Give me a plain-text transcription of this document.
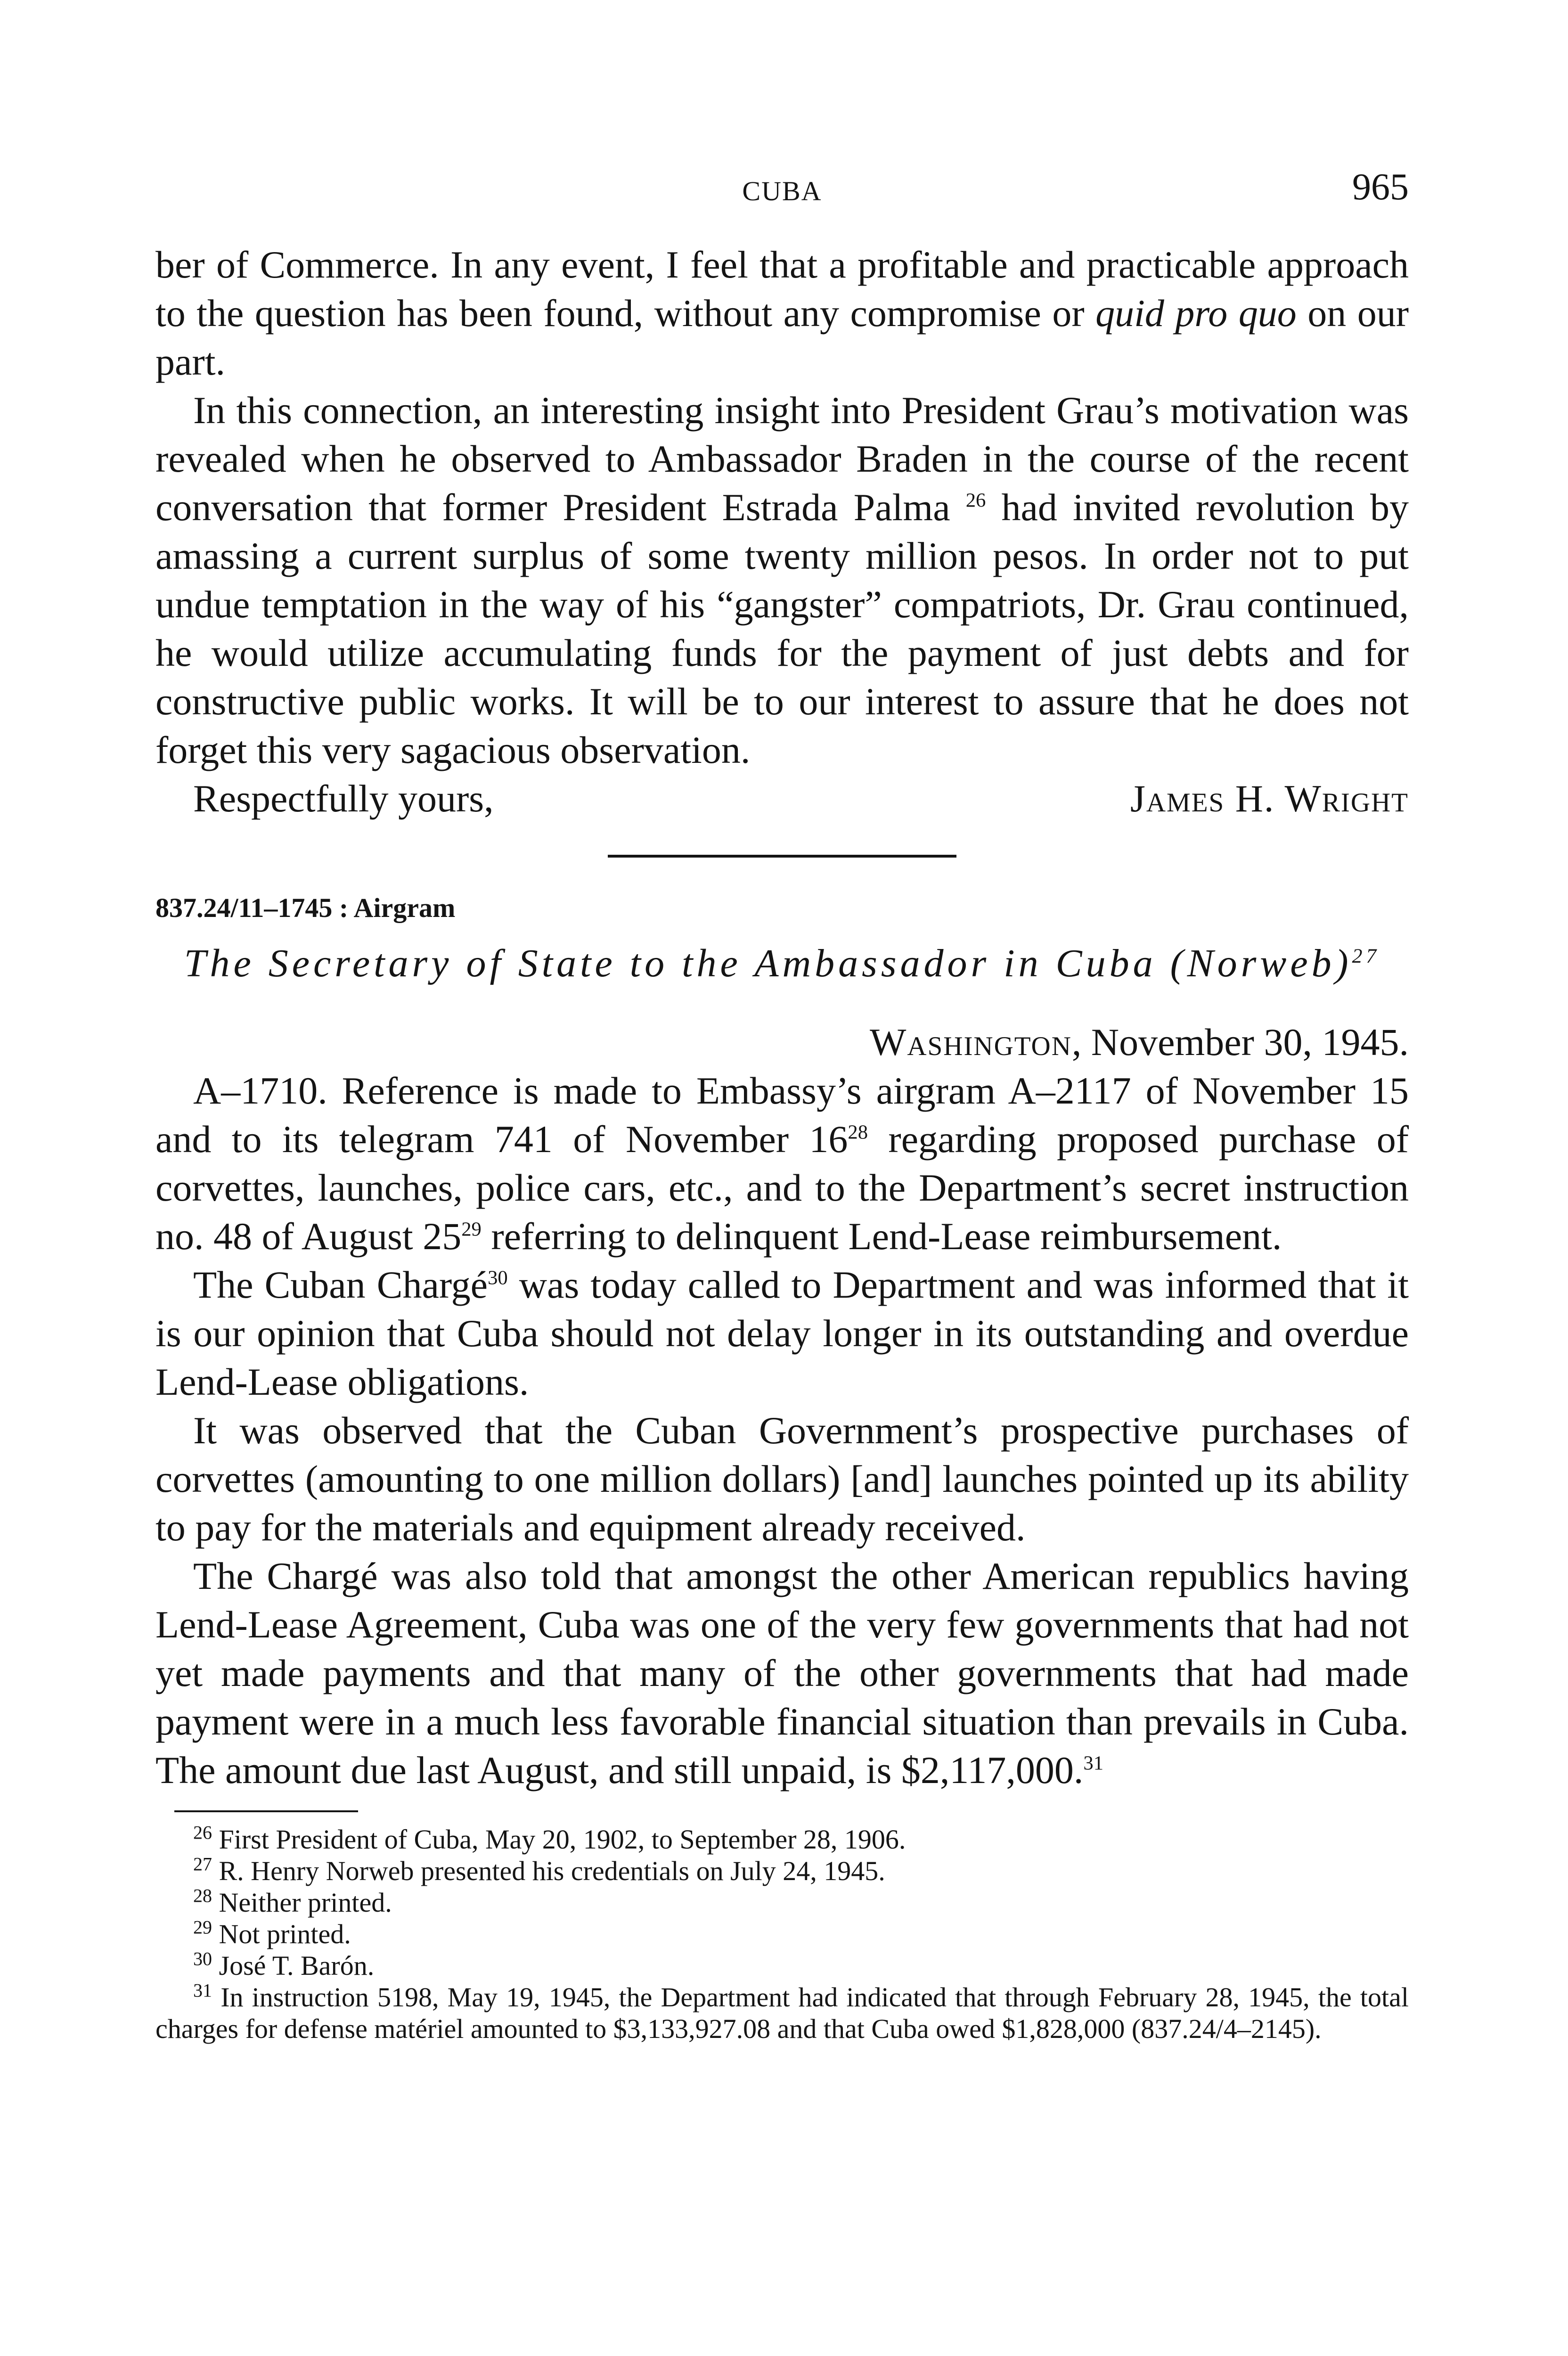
CUBA	965

ber of Commerce. In any event, I feel that a profitable and practicable approach to the question has been found, without any compromise or quid pro quo on our part.

In this connection, an interesting insight into President Grau’s motivation was revealed when he observed to Ambassador Braden in the course of the recent conversation that former President Estrada Palma $^{26}$ had invited revolution by amassing a current surplus of some twenty million pesos. In order not to put undue temptation in the way of his “gangster” compatriots, Dr. Grau continued, he would utilize accumulating funds for the payment of just debts and for constructive public works. It will be to our interest to assure that he does not forget this very sagacious observation.

Respectfully yours,	James H. Wright
837.24/11–1745 : Airgram
The Secretary of State to the Ambassador in Cuba (Norweb)$^{27}$
Washington, November 30, 1945.

A–1710. Reference is made to Embassy’s airgram A–2117 of November 15 and to its telegram 741 of November $16^{28}$ regarding proposed purchase of corvettes, launches, police cars, etc., and to the Department’s secret instruction no. 48 of August $25^{29}$ referring to delinquent Lend-Lease reimbursement.

The Cuban Chargé$^{30}$ was today called to Department and was informed that it is our opinion that Cuba should not delay longer in its outstanding and overdue Lend-Lease obligations.

It was observed that the Cuban Government’s prospective purchases of corvettes (amounting to one million dollars) [and] launches pointed up its ability to pay for the materials and equipment already received.

The Chargé was also told that amongst the other American republics having Lend-Lease Agreement, Cuba was one of the very few governments that had not yet made payments and that many of the other governments that had made payment were in a much less favorable financial situation than prevails in Cuba. The amount due last August, and still unpaid, is $2,117,000.31

$^{26}$ First President of Cuba, May 20, 1902, to September 28, 1906.
$^{27}$ R. Henry Norweb presented his credentials on July 24, 1945.
$^{28}$ Neither printed.
$^{29}$ Not printed.
$^{30}$ José T. Barón.
$^{31}$ In instruction 5198, May 19, 1945, the Department had indicated that through February 28, 1945, the total charges for defense matériel amounted to $3,133,927.08 and that Cuba owed $1,828,000 (837.24/4–2145).
